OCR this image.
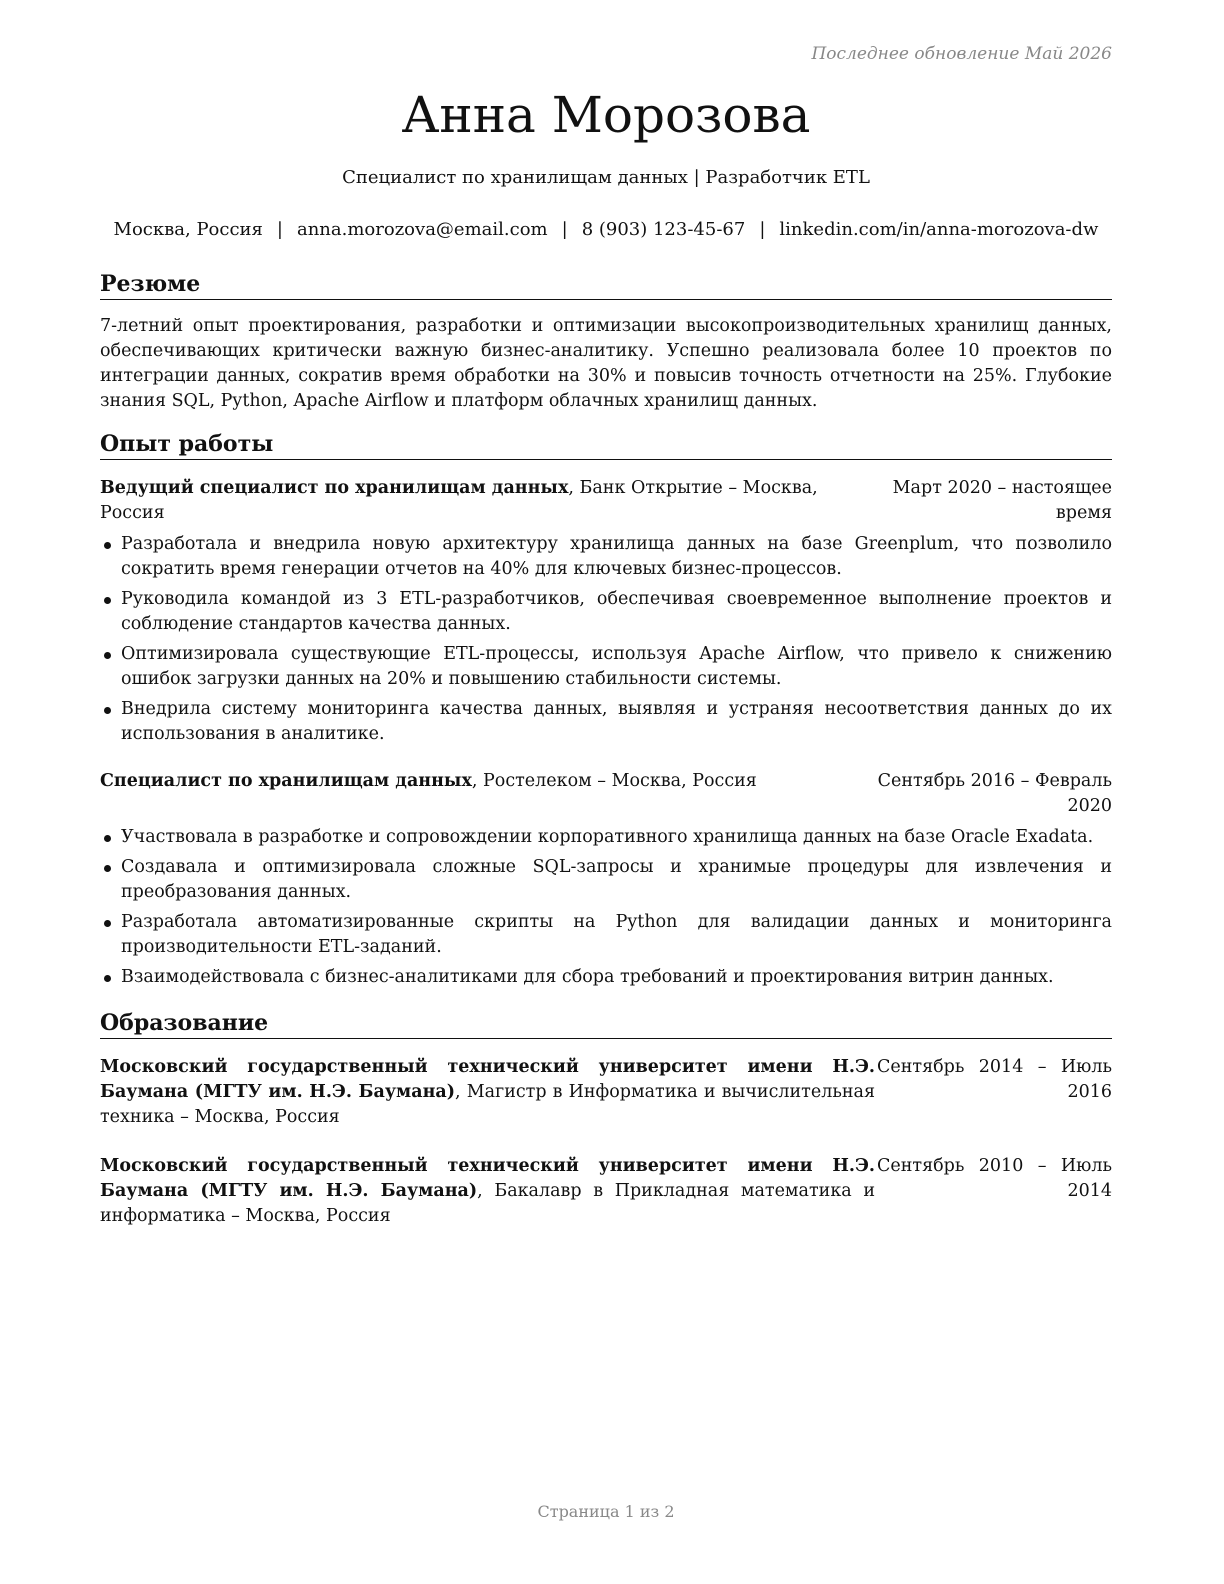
Последнее обновление Май 2026
Анна Морозова
Специалист по хранилищам данных | Разработчик ETL
Москва, Россия | anna.morozova@email.com | 8 (903) 123-45-67 | linkedin.com/in/anna-morozova-dw
Резюме

7-летний опыт проектирования, разработки и оптимизации высокопроизводительных хранилищ данных, обеспечивающих критически важную бизнес-аналитику. Успешно реализовала более 10 проектов по интеграции данных, сократив время обработки на 30% и повысив точность отчетности на 25%. Глубокие знания SQL, Python, Apache Airflow и платформ облачных хранилищ данных.

Опыт работы
Ведущий специалист по хранилищам данных, Банк Открытие – Москва, Россия
Март 2020 – настоящее время
Разработала и внедрила новую архитектуру хранилища данных на базе Greenplum, что позволило сократить время генерации отчетов на 40% для ключевых бизнес-процессов.
Руководила командой из 3 ETL-разработчиков, обеспечивая своевременное выполнение проектов и соблюдение стандартов качества данных.
Оптимизировала существующие ETL-процессы, используя Apache Airflow, что привело к снижению ошибок загрузки данных на 20% и повышению стабильности системы.
Внедрила систему мониторинга качества данных, выявляя и устраняя несоответствия данных до их использования в аналитике.
Специалист по хранилищам данных, Ростелеком – Москва, Россия	Сентябрь 2016 – Февраль 2020
Участвовала в разработке и сопровождении корпоративного хранилища данных на базе Oracle Exadata.
Создавала и оптимизировала сложные SQL-запросы и хранимые процедуры для извлечения и преобразования данных.
Разработала автоматизированные скрипты на Python для валидации данных и мониторинга производительности ETL-заданий.
Взаимодействовала с бизнес-аналитиками для сбора требований и проектирования витрин данных.
Образование
Московский государственный технический университет имени Н.Э. Баумана (МГТУ им. Н.Э. Баумана), Магистр в Информатика и вычислительная техника – Москва, Россия
Сентябрь 2014 – Июль 2016
Московский государственный технический университет имени Н.Э. Баумана (МГТУ им. Н.Э. Баумана), Бакалавр в Прикладная математика и информатика – Москва, Россия
Сентябрь 2010 – Июль 2014
Страница 1 из 2
